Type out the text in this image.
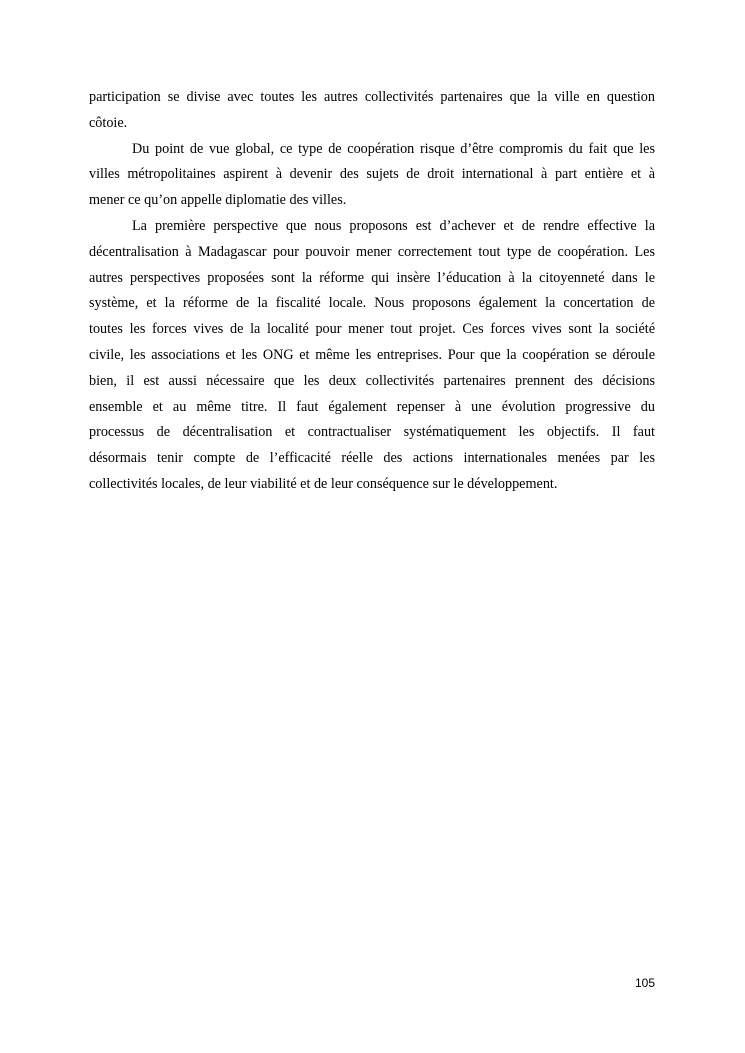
participation se divise avec toutes les autres collectivités partenaires que la ville en question
côtoie.
Du point de vue global, ce type de coopération risque d’être compromis du fait que les
villes métropolitaines aspirent à devenir des sujets de droit international à part entière et à
mener ce qu’on appelle diplomatie des villes.
La première perspective que nous proposons est d’achever et de rendre effective la
décentralisation à Madagascar pour pouvoir mener correctement tout type de coopération. Les
autres perspectives proposées sont la réforme qui insère l’éducation à la citoyenneté dans le
système, et la réforme de la fiscalité locale. Nous proposons également la concertation de
toutes les forces vives de la localité pour mener tout projet. Ces forces vives sont la société
civile, les associations et les ONG et même les entreprises. Pour que la coopération se déroule
bien, il est aussi nécessaire que les deux collectivités partenaires prennent des décisions
ensemble et au même titre. Il faut également repenser à une évolution progressive du
processus de décentralisation et contractualiser systématiquement les objectifs. Il faut
désormais tenir compte de l’efficacité réelle des actions internationales menées par les
collectivités locales, de leur viabilité et de leur conséquence sur le développement.
105
